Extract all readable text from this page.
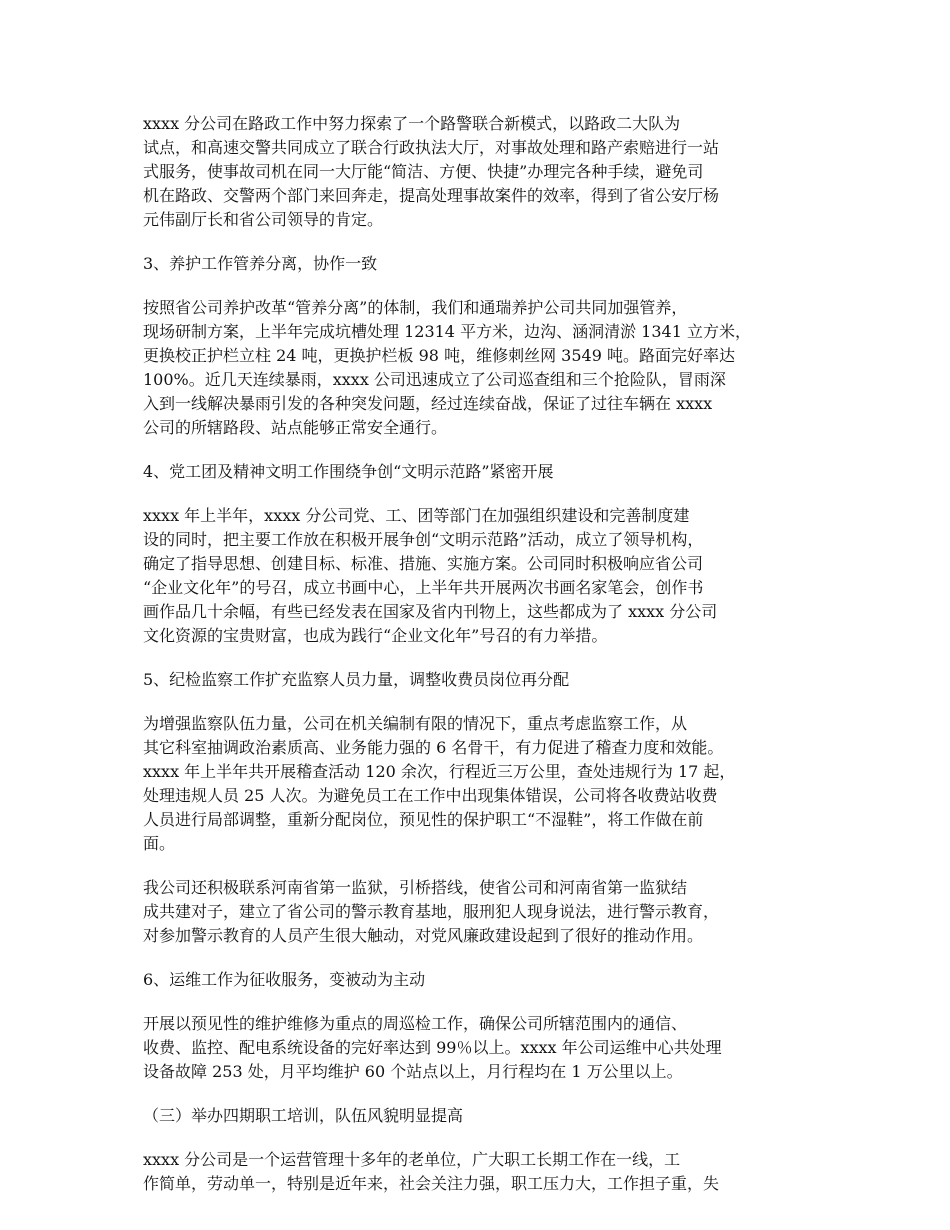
xxxx 分公司在路政工作中努力探索了一个路警联合新模式，以路政二大队为
试点，和高速交警共同成立了联合行政执法大厅，对事故处理和路产索赔进行一站
式服务，使事故司机在同一大厅能“简洁、方便、快捷”办理完各种手续，避免司
机在路政、交警两个部门来回奔走，提高处理事故案件的效率，得到了省公安厅杨
元伟副厅长和省公司领导的肯定。

3、养护工作管养分离，协作一致

按照省公司养护改革“管养分离”的体制，我们和通瑞养护公司共同加强管养，
现场研制方案，上半年完成坑槽处理 12314 平方米，边沟、涵洞清淤 1341 立方米，
更换校正护栏立柱 24 吨，更换护栏板 98 吨，维修刺丝网 3549 吨。路面完好率达
100%。近几天连续暴雨，xxxx 公司迅速成立了公司巡查组和三个抢险队，冒雨深
入到一线解决暴雨引发的各种突发问题，经过连续奋战，保证了过往车辆在 xxxx
公司的所辖路段、站点能够正常安全通行。

4、党工团及精神文明工作围绕争创“文明示范路”紧密开展

xxxx 年上半年，xxxx 分公司党、工、团等部门在加强组织建设和完善制度建
设的同时，把主要工作放在积极开展争创“文明示范路”活动，成立了领导机构，
确定了指导思想、创建目标、标准、措施、实施方案。公司同时积极响应省公司
“企业文化年”的号召，成立书画中心，上半年共开展两次书画名家笔会，创作书
画作品几十余幅，有些已经发表在国家及省内刊物上，这些都成为了 xxxx 分公司
文化资源的宝贵财富，也成为践行“企业文化年”号召的有力举措。

5、纪检监察工作扩充监察人员力量，调整收费员岗位再分配

为增强监察队伍力量，公司在机关编制有限的情况下，重点考虑监察工作，从
其它科室抽调政治素质高、业务能力强的 6 名骨干，有力促进了稽查力度和效能。
xxxx 年上半年共开展稽查活动 120 余次，行程近三万公里，查处违规行为 17 起，
处理违规人员 25 人次。为避免员工在工作中出现集体错误，公司将各收费站收费
人员进行局部调整，重新分配岗位，预见性的保护职工“不湿鞋”，将工作做在前
面。

我公司还积极联系河南省第一监狱，引桥搭线，使省公司和河南省第一监狱结
成共建对子，建立了省公司的警示教育基地，服刑犯人现身说法，进行警示教育，
对参加警示教育的人员产生很大触动，对党风廉政建设起到了很好的推动作用。

6、运维工作为征收服务，变被动为主动

开展以预见性的维护维修为重点的周巡检工作，确保公司所辖范围内的通信、
收费、监控、配电系统设备的完好率达到 99％以上。xxxx 年公司运维中心共处理
设备故障 253 处，月平均维护 60 个站点以上，月行程均在 1 万公里以上。

（三）举办四期职工培训，队伍风貌明显提高

xxxx 分公司是一个运营管理十多年的老单位，广大职工长期工作在一线，工
作简单，劳动单一，特别是近年来，社会关注力强，职工压力大，工作担子重，失
